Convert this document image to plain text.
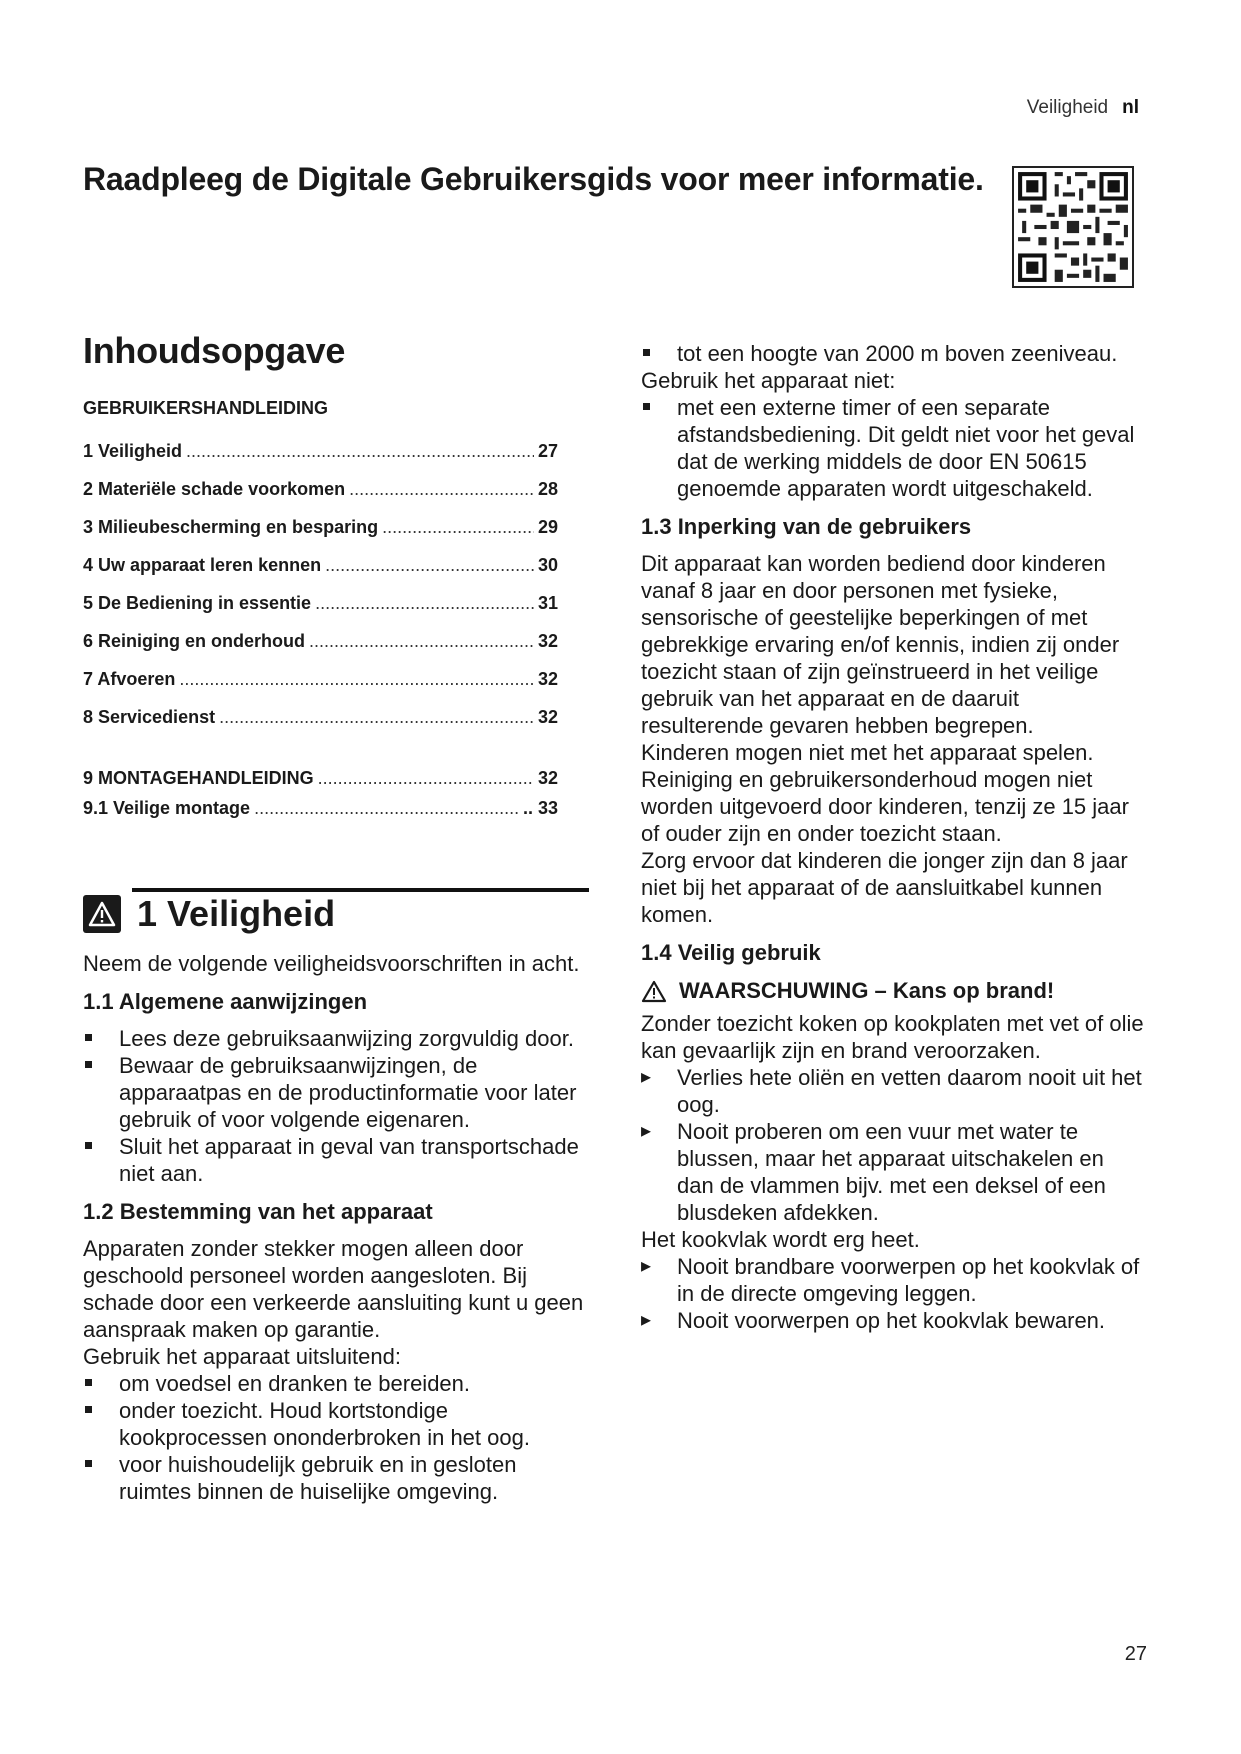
Veiligheid nl
Raadpleeg de Digitale Gebruikersgids voor meer informatie.
Inhoudsopgave
GEBRUIKERSHANDLEIDING
1 Veiligheid .....	27
2 Materiële schade voorkomen .....	28
3 Milieubescherming en besparing .....	29
4 Uw apparaat leren kennen .....	30
5 De Bediening in essentie .....	31
6 Reiniging en onderhoud .....	32
7 Afvoeren .....	32
8 Servicedienst .....	32
9 MONTAGEHANDLEIDING .....	32
9.1 Veilige montage .....	.. 33
1 Veiligheid

Neem de volgende veiligheidsvoorschriften in acht.

1.1 Algemene aanwijzingen
Lees deze gebruiksaanwijzing zorgvuldig door.
Bewaar de gebruiksaanwijzingen, de apparaatpas en de productinformatie voor later gebruik of voor volgende eigenaren.
Sluit het apparaat in geval van transportschade niet aan.
1.2 Bestemming van het apparaat

Apparaten zonder stekker mogen alleen door geschoold personeel worden aangesloten. Bij schade door een verkeerde aansluiting kunt u geen aanspraak maken op garantie.

Gebruik het apparaat uitsluitend:

om voedsel en dranken te bereiden.
onder toezicht. Houd kortstondige kookprocessen ononderbroken in het oog.
voor huishoudelijk gebruik en in gesloten ruimtes binnen de huiselijke omgeving.
tot een hoogte van 2000 m boven zeeniveau.

Gebruik het apparaat niet:

met een externe timer of een separate afstandsbediening. Dit geldt niet voor het geval dat de werking middels de door EN 50615 genoemde apparaten wordt uitgeschakeld.
1.3 Inperking van de gebruikers

Dit apparaat kan worden bediend door kinderen vanaf 8 jaar en door personen met fysieke, sensorische of geestelijke beperkingen of met gebrekkige ervaring en/of kennis, indien zij onder toezicht staan of zijn geïnstrueerd in het veilige gebruik van het apparaat en de daaruit resulterende gevaren hebben begrepen.

Kinderen mogen niet met het apparaat spelen.

Reiniging en gebruikersonderhoud mogen niet worden uitgevoerd door kinderen, tenzij ze 15 jaar of ouder zijn en onder toezicht staan.

Zorg ervoor dat kinderen die jonger zijn dan 8 jaar niet bij het apparaat of de aansluitkabel kunnen komen.

1.4 Veilig gebruik
WAARSCHUWING – Kans op brand!

Zonder toezicht koken op kookplaten met vet of olie kan gevaarlijk zijn en brand veroorzaken.

▸ Verlies hete oliën en vetten daarom nooit uit het oog.
▸ Nooit proberen om een vuur met water te blussen, maar het apparaat uitschakelen en dan de vlammen bijv. met een deksel of een blusdeken afdekken.

Het kookvlak wordt erg heet.

▸ Nooit brandbare voorwerpen op het kookvlak of in de directe omgeving leggen.
▸ Nooit voorwerpen op het kookvlak bewaren.
27
